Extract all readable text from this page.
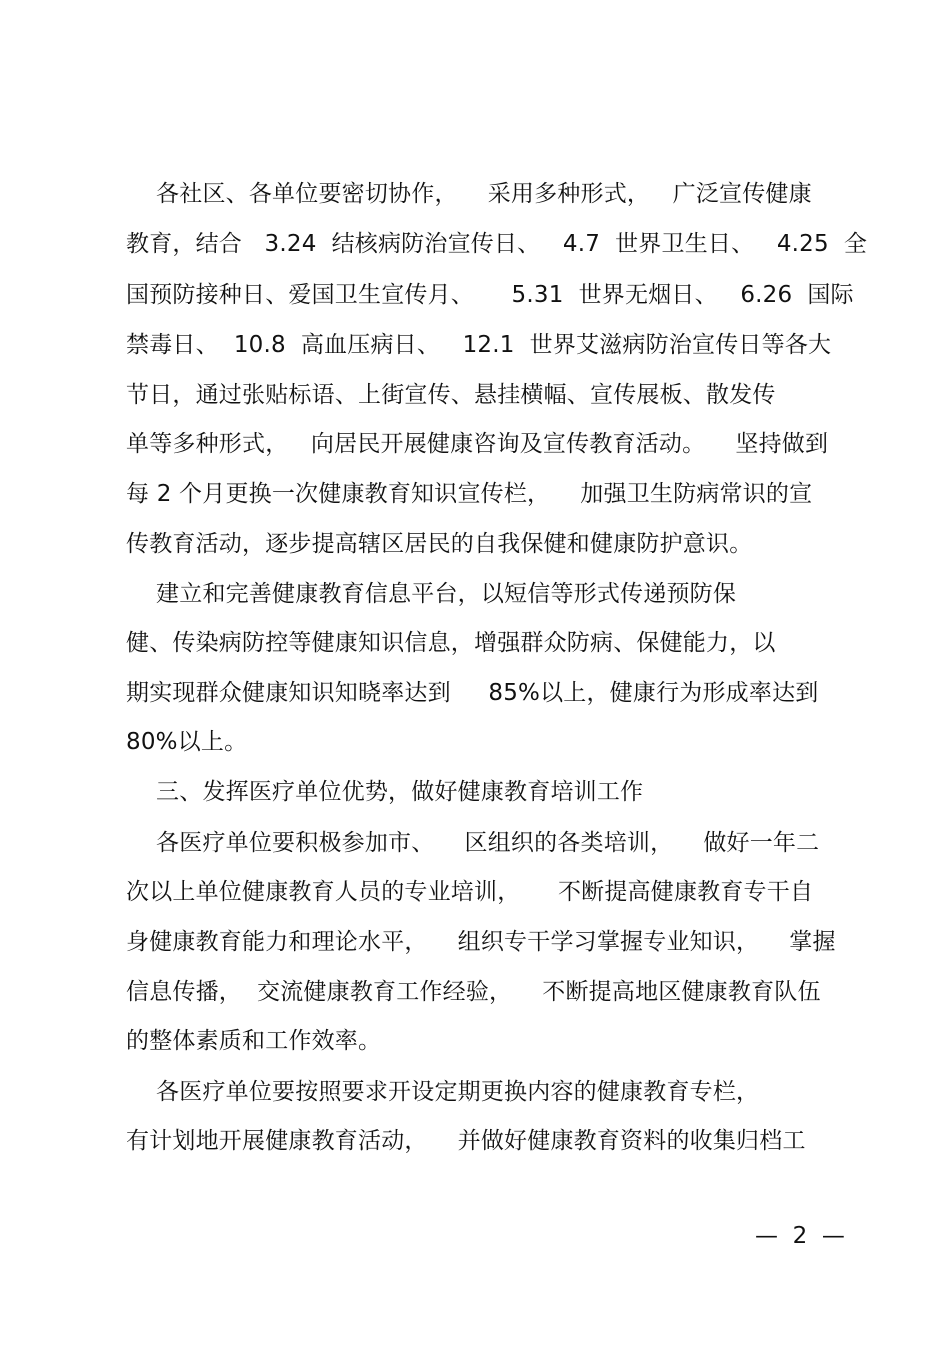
各社区、各单位要密切协作，    采用多种形式，   广泛宣传健康
教育，结合   3.24  结核病防治宣传日、   4.7  世界卫生日、   4.25  全
国预防接种日、爱国卫生宣传月、     5.31  世界无烟日、   6.26  国际
禁毒日、  10.8  高血压病日、   12.1  世界艾滋病防治宣传日等各大
节日，通过张贴标语、上街宣传、悬挂横幅、宣传展板、散发传
单等多种形式，   向居民开展健康咨询及宣传教育活动。    坚持做到
每 2 个月更换一次健康教育知识宣传栏，    加强卫生防病常识的宣
传教育活动，逐步提高辖区居民的自我保健和健康防护意识。
建立和完善健康教育信息平台，以短信等形式传递预防保
健、传染病防控等健康知识信息，增强群众防病、保健能力，以
期实现群众健康知识知晓率达到     85%以上，健康行为形成率达到
80%以上。
三、发挥医疗单位优势，做好健康教育培训工作
各医疗单位要积极参加市、    区组织的各类培训，    做好一年二
次以上单位健康教育人员的专业培训，     不断提高健康教育专干自
身健康教育能力和理论水平，    组织专干学习掌握专业知识，    掌握
信息传播，  交流健康教育工作经验，    不断提高地区健康教育队伍
的整体素质和工作效率。
各医疗单位要按照要求开设定期更换内容的健康教育专栏，
有计划地开展健康教育活动，    并做好健康教育资料的收集归档工
—  2  —
